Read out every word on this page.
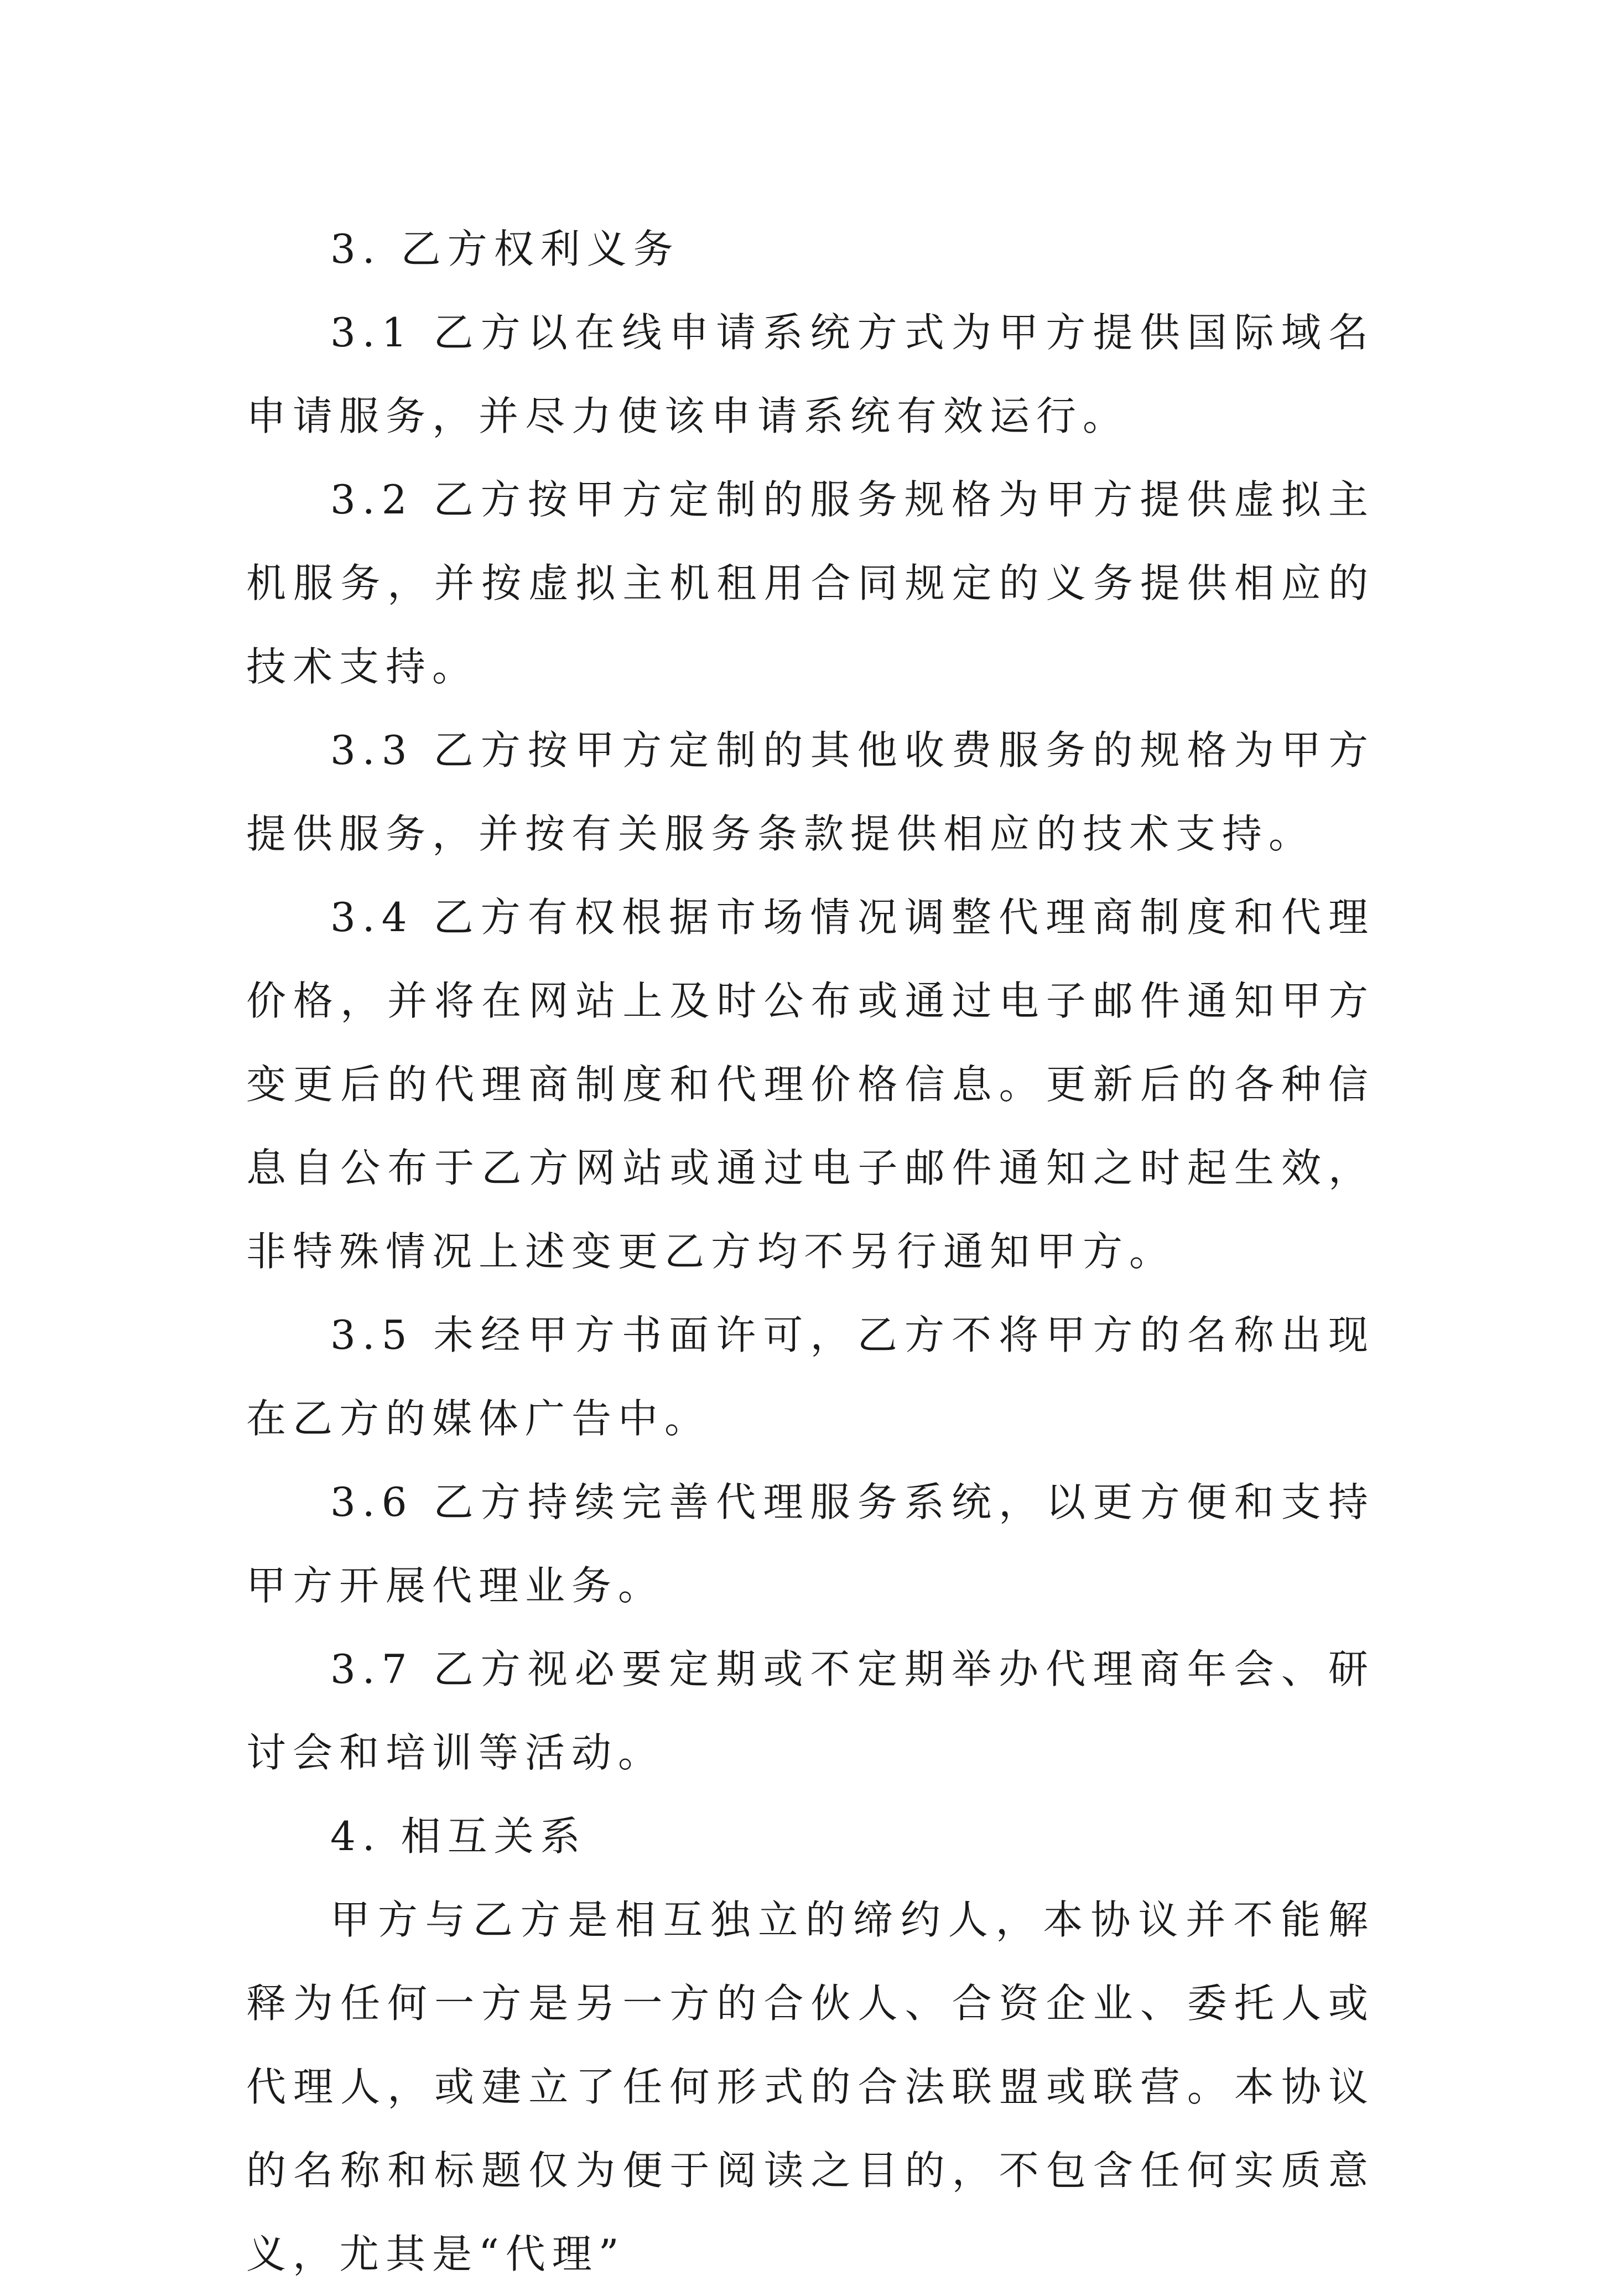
3. 乙方权利义务

3.1 乙方以在线申请系统方式为甲方提供国际域名申请服务，并尽力使该申请系统有效运行。

3.2 乙方按甲方定制的服务规格为甲方提供虚拟主机服务，并按虚拟主机租用合同规定的义务提供相应的技术支持。

3.3 乙方按甲方定制的其他收费服务的规格为甲方提供服务，并按有关服务条款提供相应的技术支持。

3.4 乙方有权根据市场情况调整代理商制度和代理价格，并将在网站上及时公布或通过电子邮件通知甲方变更后的代理商制度和代理价格信息。更新后的各种信息自公布于乙方网站或通过电子邮件通知之时起生效，非特殊情况上述变更乙方均不另行通知甲方。

3.5 未经甲方书面许可，乙方不将甲方的名称出现在乙方的媒体广告中。

3.6 乙方持续完善代理服务系统，以更方便和支持甲方开展代理业务。

3.7 乙方视必要定期或不定期举办代理商年会、研讨会和培训等活动。

4. 相互关系

甲方与乙方是相互独立的缔约人，本协议并不能解释为任何一方是另一方的合伙人、合资企业、委托人或代理人，或建立了任何形式的合法联盟或联营。本协议的名称和标题仅为便于阅读之目的，不包含任何实质意义，尤其是“代理”
